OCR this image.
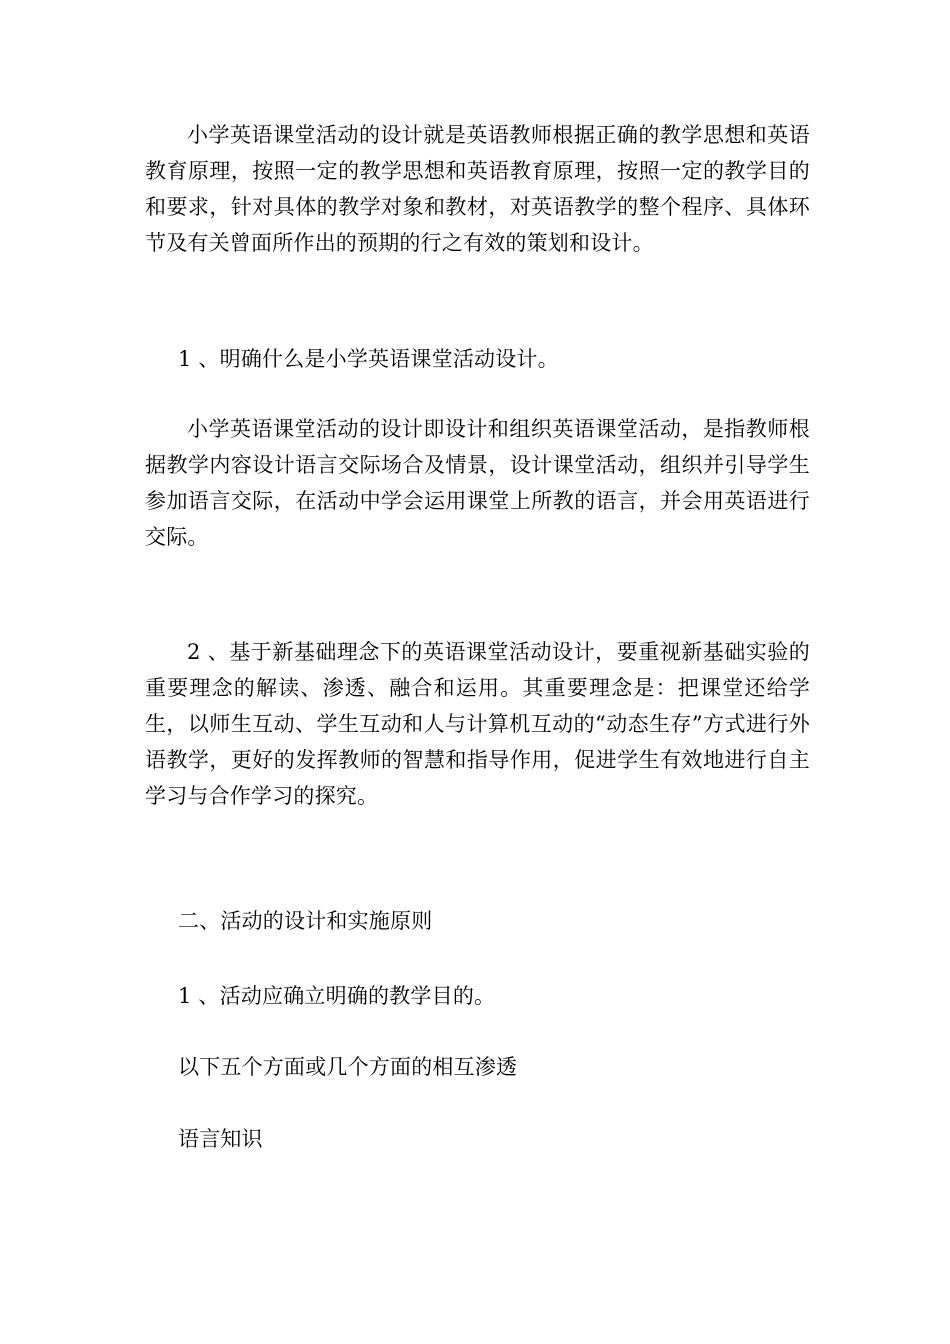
小学英语课堂活动的设计就是英语教师根据正确的教学思想和英语教育原理，按照一定的教学思想和英语教育原理，按照一定的教学目的和要求，针对具体的教学对象和教材，对英语教学的整个程序、具体环节及有关曾面所作出的预期的行之有效的策划和设计。

1 、明确什么是小学英语课堂活动设计。

小学英语课堂活动的设计即设计和组织英语课堂活动，是指教师根据教学内容设计语言交际场合及情景，设计课堂活动，组织并引导学生参加语言交际，在活动中学会运用课堂上所教的语言，并会用英语进行交际。

2 、基于新基础理念下的英语课堂活动设计，要重视新基础实验的重要理念的解读、渗透、融合和运用。其重要理念是：把课堂还给学生，以师生互动、学生互动和人与计算机互动的“动态生存”方式进行外语教学，更好的发挥教师的智慧和指导作用，促进学生有效地进行自主学习与合作学习的探究。

二、活动的设计和实施原则

1 、活动应确立明确的教学目的。

以下五个方面或几个方面的相互渗透

语言知识
